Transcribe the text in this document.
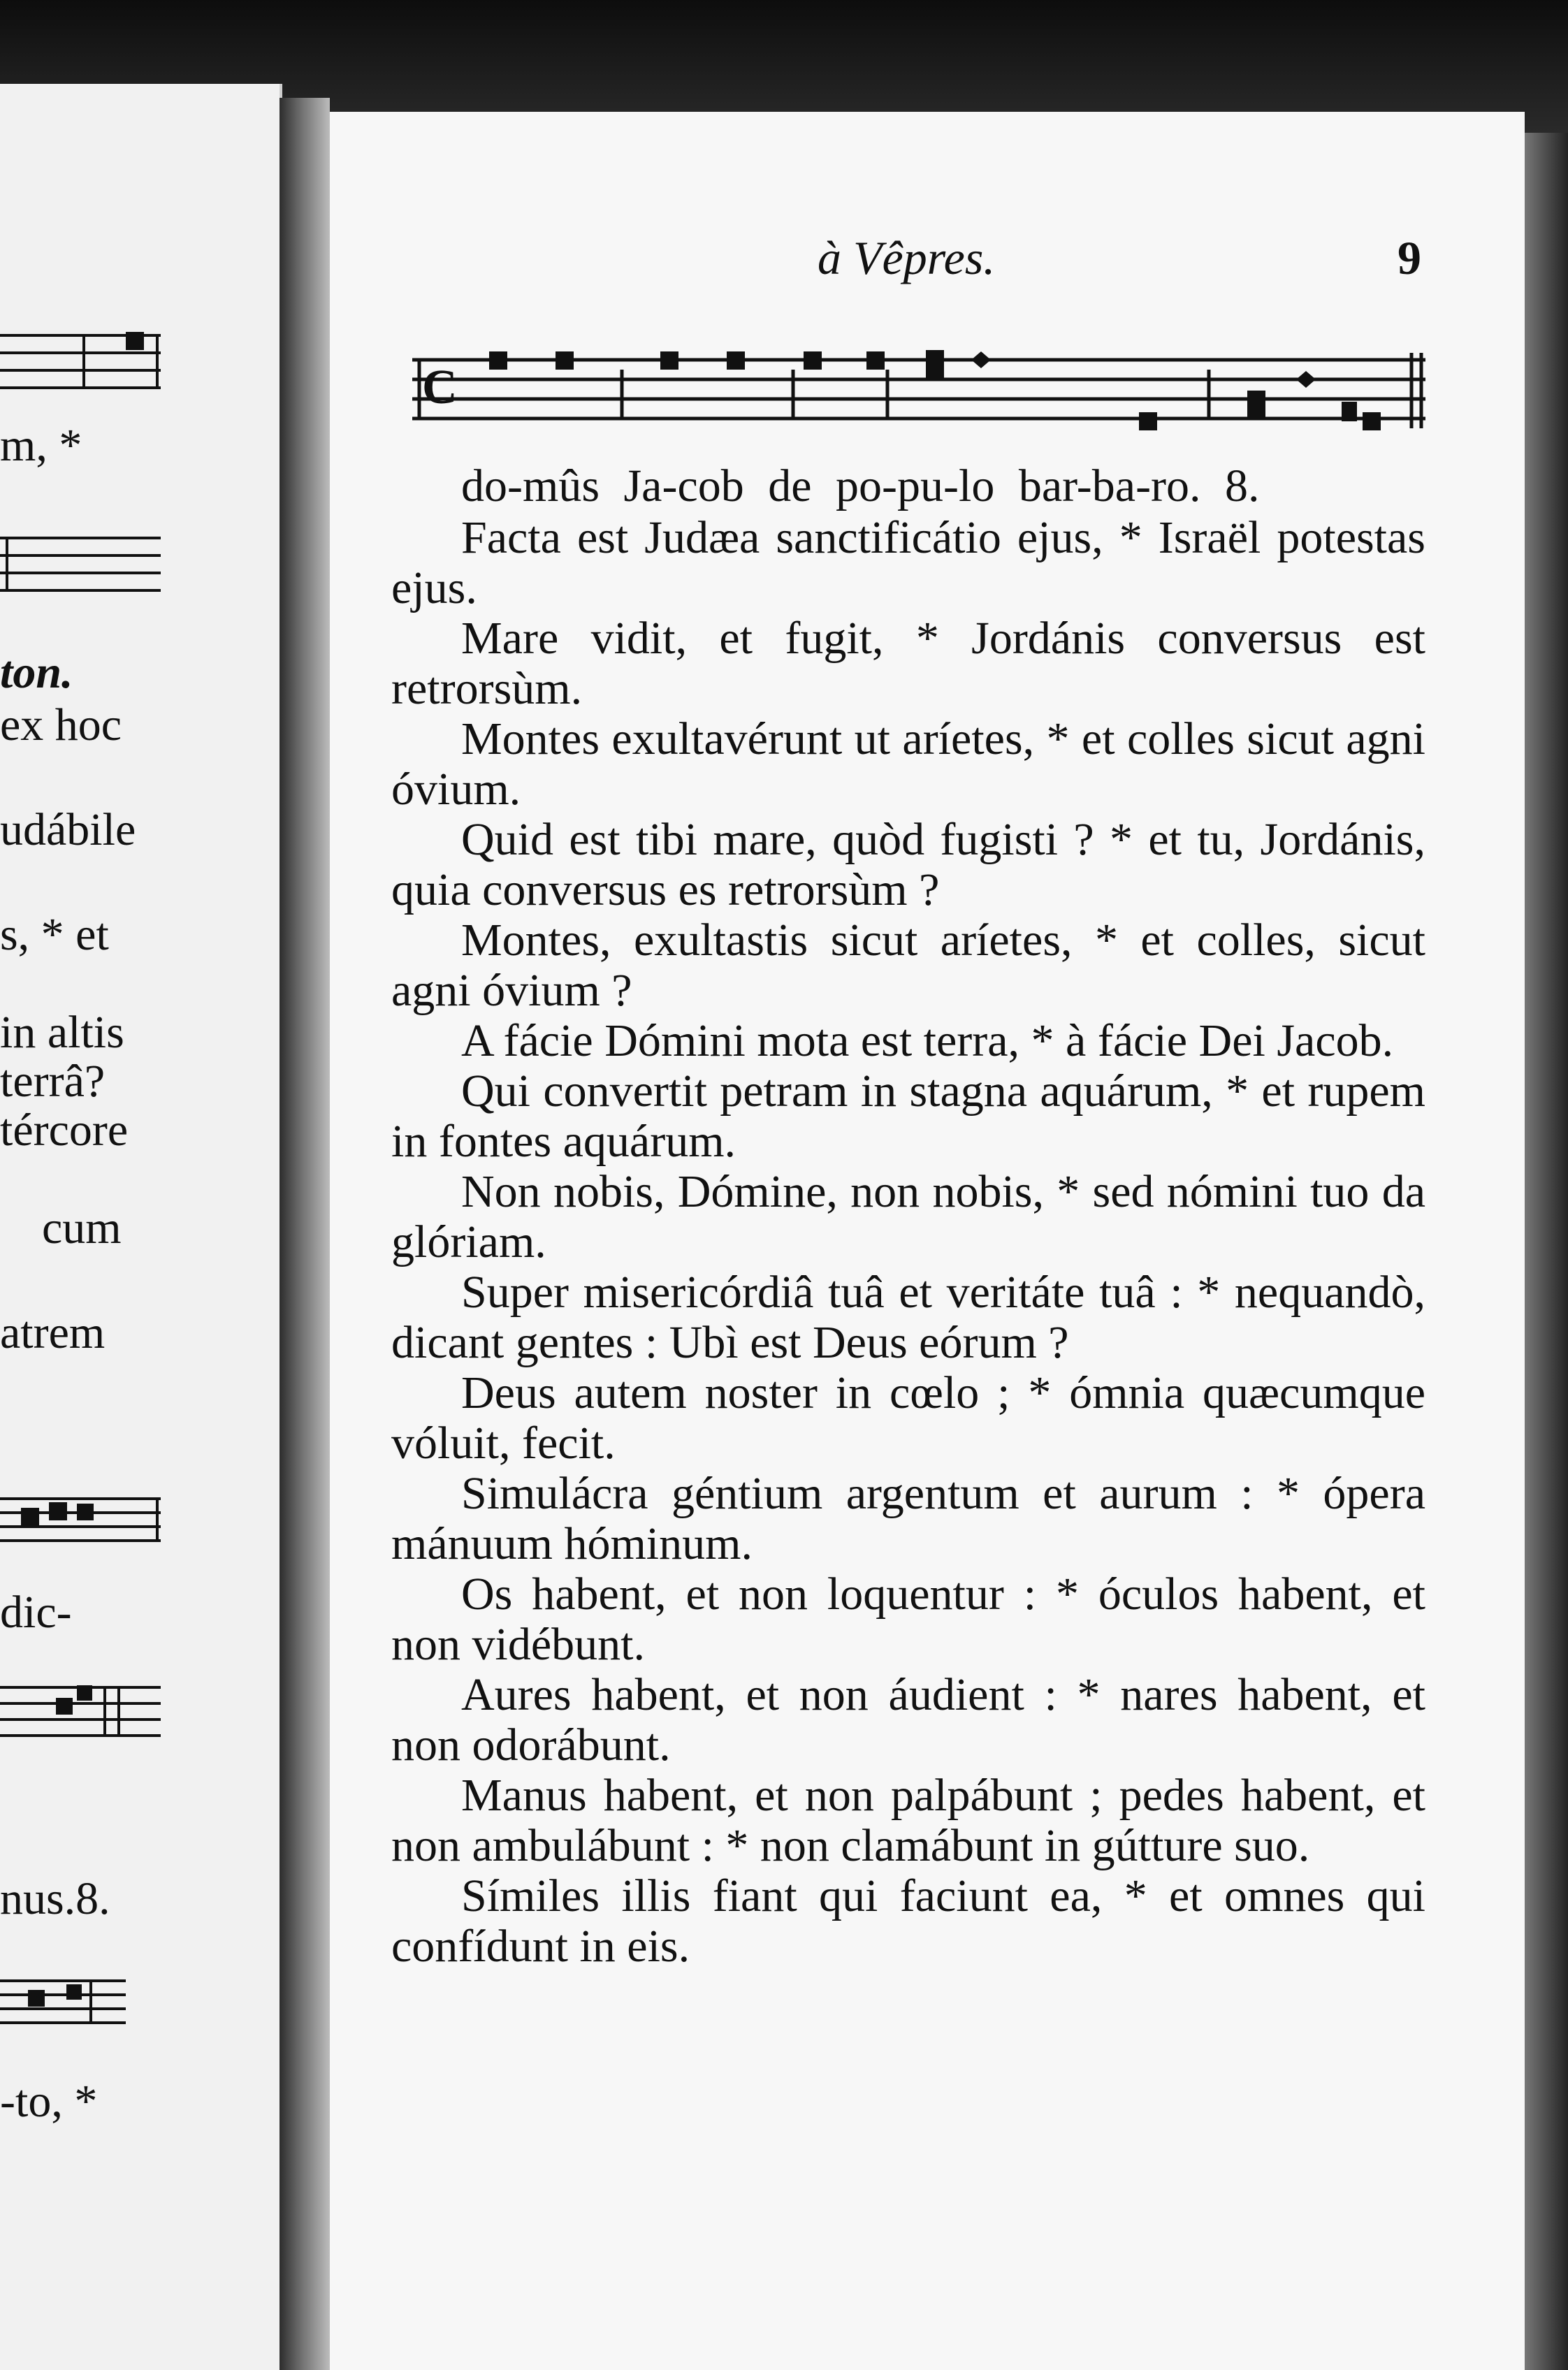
m, *
ton.
ex hoc
udábile
s, * et
in altis
terrâ?
tércore
cum
atrem
dic-
nus.8.
-to, *
à Vêpres.	9
C
do-mûs Ja-cob de po-pu-lo bar-ba-ro. 8.

Facta est Judæa sanctificátio ejus, * Israël potestas ejus.

Mare vidit, et fugit, * Jordánis conversus est retrorsùm.

Montes exultavérunt ut aríetes, * et colles sicut agni óvium.

Quid est tibi mare, quòd fugisti ? * et tu, Jordánis, quia conversus es retrorsùm ?

Montes, exultastis sicut aríetes, * et colles, sicut agni óvium ?

A fácie Dómini mota est terra, * à fácie Dei Jacob.

Qui convertit petram in stagna aquárum, * et rupem in fontes aquárum.

Non nobis, Dómine, non nobis, * sed nómini tuo da glóriam.

Super misericórdiâ tuâ et veritáte tuâ : * nequandò, dicant gentes : Ubì est Deus eórum ?

Deus autem noster in cœlo ; * ómnia quæcumque vóluit, fecit.

Simulácra géntium argentum et aurum : * ópera mánuum hóminum.

Os habent, et non loquentur : * óculos habent, et non vidébunt.

Aures habent, et non áudient : * nares habent, et non odorábunt.

Manus habent, et non palpábunt ; pedes habent, et non ambulábunt : * non clamábunt in gútture suo.

Símiles illis fiant qui faciunt ea, * et omnes qui confídunt in eis.
